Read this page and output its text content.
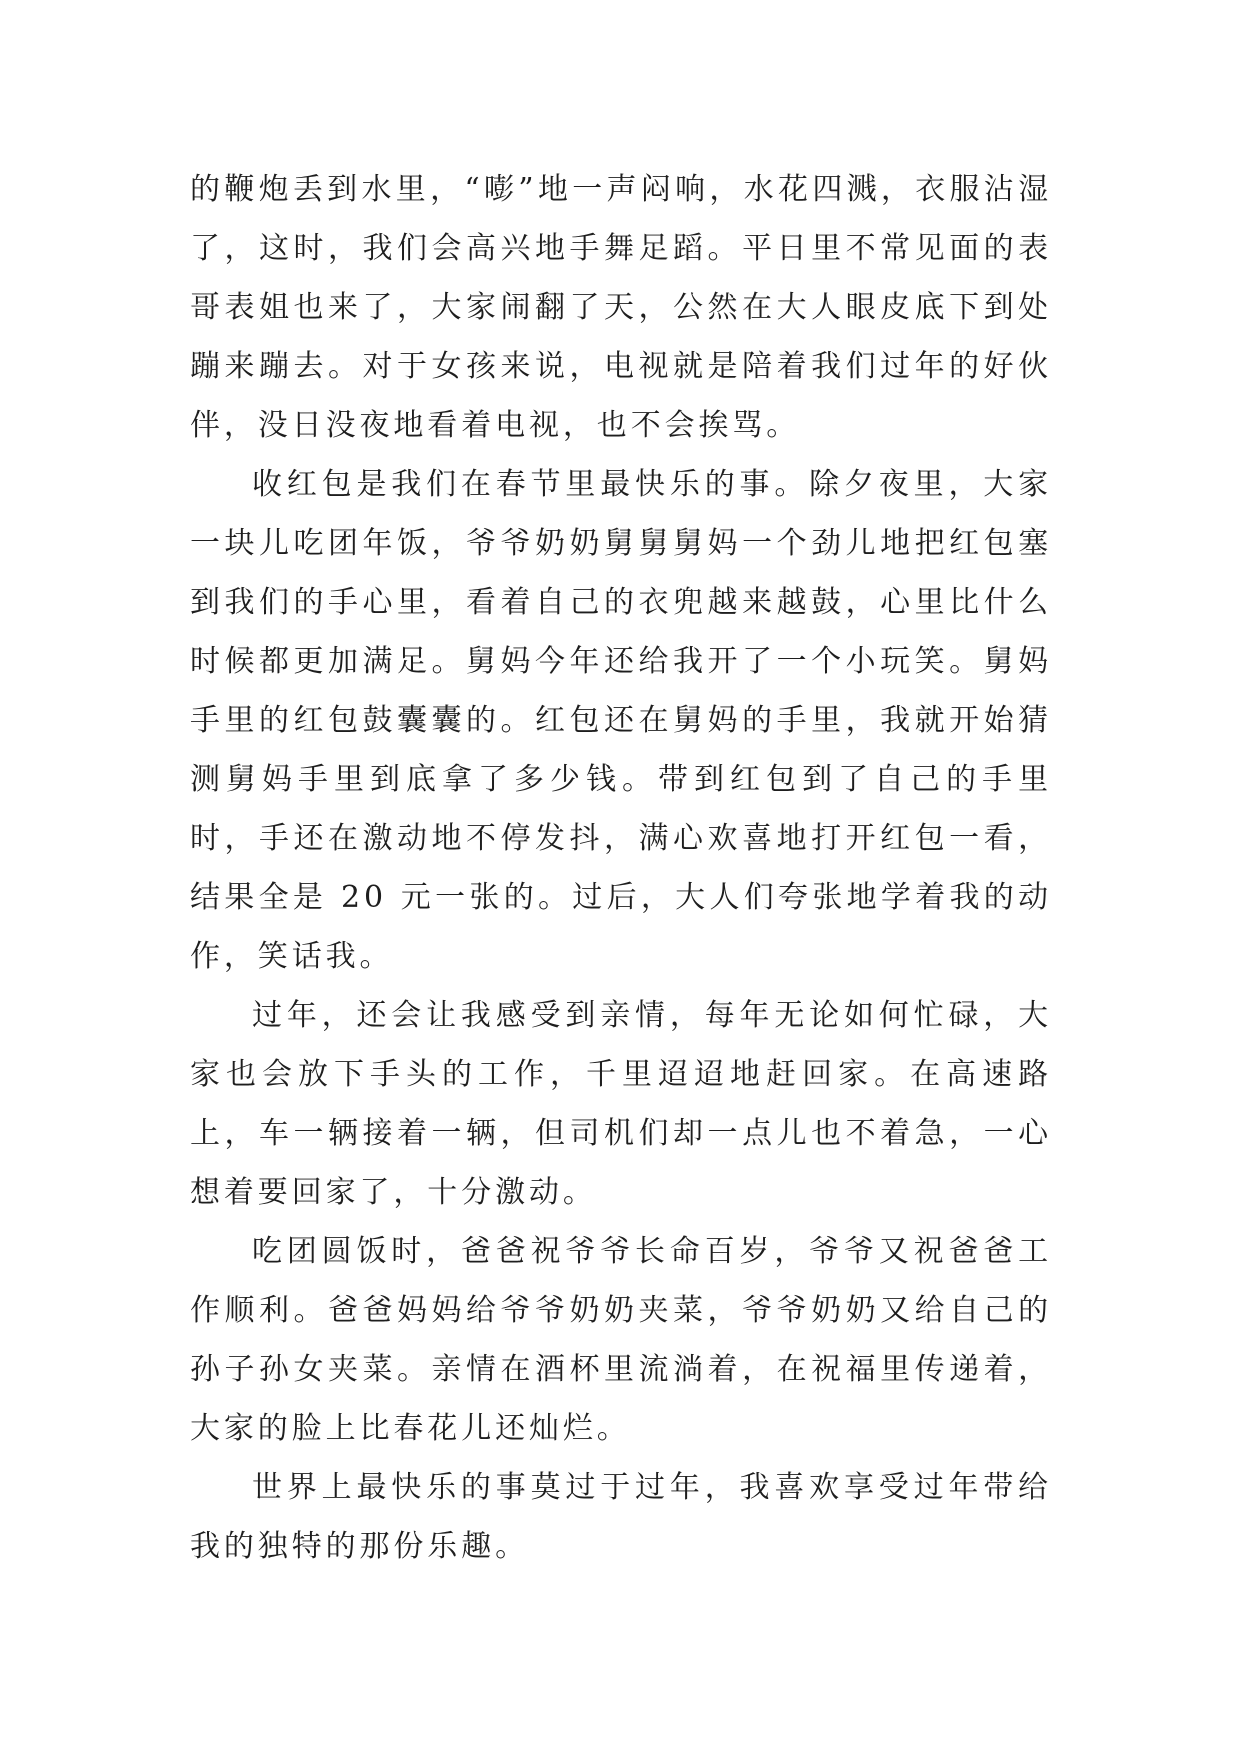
的鞭炮丢到水里，“嘭”地一声闷响，水花四溅，衣服沾湿了，这时，我们会高兴地手舞足蹈。平日里不常见面的表哥表姐也来了，大家闹翻了天，公然在大人眼皮底下到处蹦来蹦去。对于女孩来说，电视就是陪着我们过年的好伙伴，没日没夜地看着电视，也不会挨骂。

收红包是我们在春节里最快乐的事。除夕夜里，大家一块儿吃团年饭，爷爷奶奶舅舅舅妈一个劲儿地把红包塞到我们的手心里，看着自己的衣兜越来越鼓，心里比什么时候都更加满足。舅妈今年还给我开了一个小玩笑。舅妈手里的红包鼓囊囊的。红包还在舅妈的手里，我就开始猜测舅妈手里到底拿了多少钱。带到红包到了自己的手里时，手还在激动地不停发抖，满心欢喜地打开红包一看，结果全是 20 元一张的。过后，大人们夸张地学着我的动作，笑话我。

过年，还会让我感受到亲情，每年无论如何忙碌，大家也会放下手头的工作，千里迢迢地赶回家。在高速路上，车一辆接着一辆，但司机们却一点儿也不着急，一心想着要回家了，十分激动。

吃团圆饭时，爸爸祝爷爷长命百岁，爷爷又祝爸爸工作顺利。爸爸妈妈给爷爷奶奶夹菜，爷爷奶奶又给自己的孙子孙女夹菜。亲情在酒杯里流淌着，在祝福里传递着，大家的脸上比春花儿还灿烂。

世界上最快乐的事莫过于过年，我喜欢享受过年带给我的独特的那份乐趣。
